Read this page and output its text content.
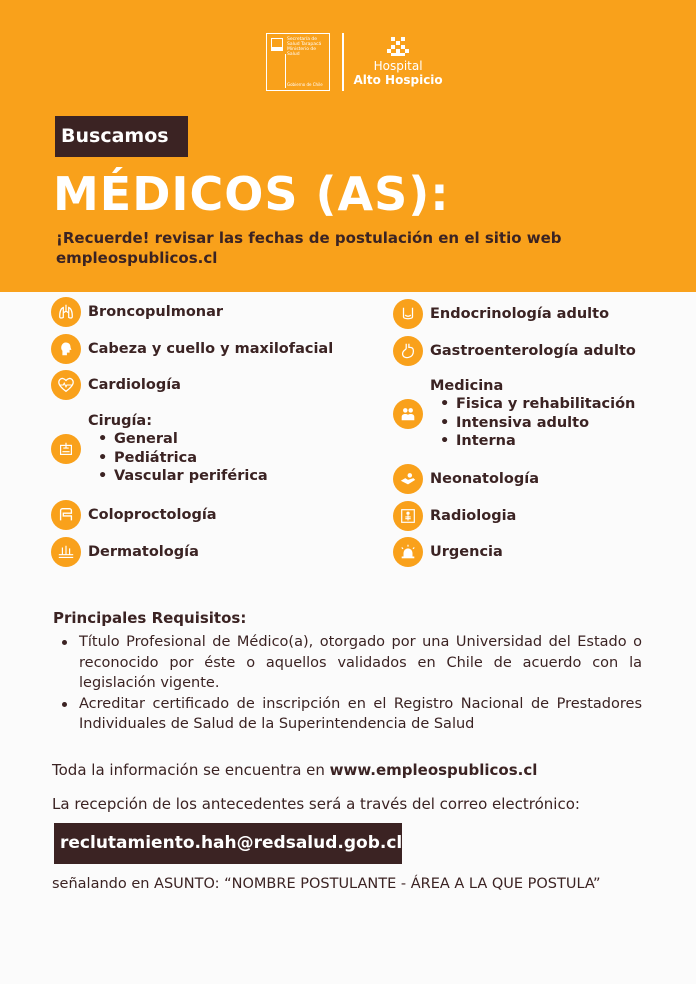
Secretaría de Salud Tarapacá Ministerio de Salud
Gobierno de Chile
Hospital
Alto Hospicio
Buscamos
MÉDICOS (AS):
¡Recuerde! revisar las fechas de postulación en el sitio web empleospublicos.cl
Broncopulmonar
Cabeza y cuello y maxilofacial
Cardiología
Cirugía:
• General
• Pediátrica
• Vascular periférica
Coloproctología
Dermatología
Endocrinología adulto
Gastroenterología adulto
Medicina
• Fisica y rehabilitación
• Intensiva adulto
• Interna
Neonatología
Radiologia
Urgencia
Principales Requisitos:
Título Profesional de Médico(a), otorgado por una Universidad del Estado o reconocido por éste o aquellos validados en Chile de acuerdo con la legislación vigente.
Acreditar certificado de inscripción en el Registro Nacional de Prestadores Individuales de Salud de la Superintendencia de Salud
Toda la información se encuentra en www.empleospublicos.cl
La recepción de los antecedentes será a través del correo electrónico:
reclutamiento.hah@redsalud.gob.cl
señalando en ASUNTO: “NOMBRE POSTULANTE - ÁREA A LA QUE POSTULA”
